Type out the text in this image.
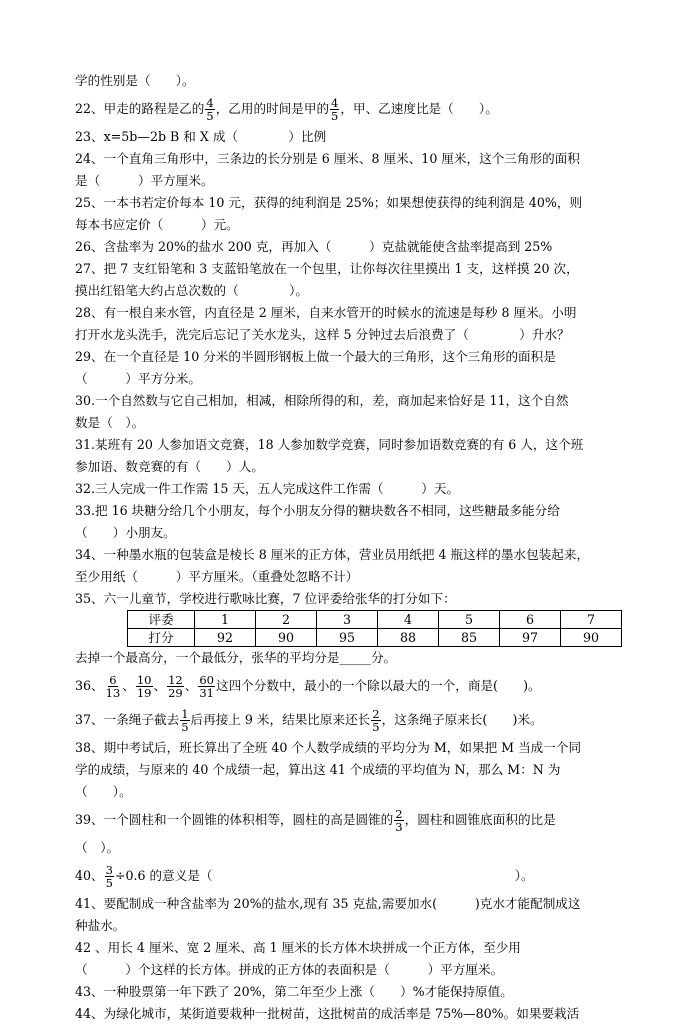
学的性别是（　　）。
22、甲走的路程是乙的 $\frac{4}{5}$ ，乙用的时间是甲的 $\frac{4}{5}$ ，甲、乙速度比是（　　）。
23、x=5b—2b B 和 X 成（　　　　）比例
24、一个直角三角形中，三条边的长分别是 6 厘米、8 厘米、10 厘米，这个三角形的面积
是（　　　）平方厘米。
25、一本书若定价每本 10 元，获得的纯利润是 25%；如果想使获得的纯利润是 40%，则
每本书应定价（　　　）元。
26、含盐率为 20%的盐水 200 克，再加入（　　　）克盐就能使含盐率提高到 25%
27、把 7 支红铅笔和 3 支蓝铅笔放在一个包里，让你每次往里摸出 1 支，这样摸 20 次，
摸出红铅笔大约占总次数的（　　　　）。
28、有一根自来水管，内直径是 2 厘米，自来水管开的时候水的流速是每秒 8 厘米。小明
打开水龙头洗手，洗完后忘记了关水龙头，这样 5 分钟过去后浪费了（　　　　）升水？
29、在一个直径是 10 分米的半圆形钢板上做一个最大的三角形，这个三角形的面积是
（　　　）平方分米。
30.一个自然数与它自己相加，相减，相除所得的和，差，商加起来恰好是 11，这个自然
数是（　）。
31.某班有 20 人参加语文竞赛，18 人参加数学竞赛，同时参加语数竞赛的有 6 人，这个班
参加语、数竞赛的有（　　）人。
32.三人完成一件工作需 15 天，五人完成这件工作需（　　　）天。
33.把 16 块糖分给几个小朋友，每个小朋友分得的糖块数各不相同，这些糖最多能分给
（　　）小朋友。
34、一种墨水瓶的包装盒是棱长 8 厘米的正方体，营业员用纸把 4 瓶这样的墨水包装起来，
至少用纸（　　　）平方厘米。（重叠处忽略不计）
35、六一儿童节，学校进行歌咏比赛，7 位评委给张华的打分如下：
评委	1	2	3	4	5	6	7
打分	92	90	95	88	85	97	90
去掉一个最高分，一个最低分，张华的平均分是_____分。
36、 $\frac{6}{13}$ 、 $\frac{10}{19}$ 、 $\frac{12}{29}$ 、 $\frac{60}{31}$ 这四个分数中，最小的一个除以最大的一个，商是(　　)。
37、一条绳子截去 $\frac{1}{5}$ 后再接上 9 米，结果比原来还长 $\frac{2}{5}$ ，这条绳子原来长(　　)米。
38、期中考试后，班长算出了全班 40 个人数学成绩的平均分为 M，如果把 M 当成一个同
学的成绩，与原来的 40 个成绩一起，算出这 41 个成绩的平均值为 N，那么 M：N 为
（　　）。
39、一个圆柱和一个圆锥的体积相等，圆柱的高是圆锥的 $\frac{2}{3}$ ，圆柱和圆锥底面积的比是
（　）。
40、 $\frac{3}{5} \div 0.6$ 的意义是（　　　　　　　　　　　　　　　　　　　　　　　　）。
41、要配制成一种含盐率为 20%的盐水,现有 35 克盐,需要加水(　　　)克水才能配制成这
种盐水。
42 、用长 4 厘米、宽 2 厘米、高 1 厘米的长方体木块拼成一个正方体，至少用
（　　　）个这样的长方体。拼成的正方体的表面积是（　　　）平方厘米。
43、一种股票第一年下跌了 20%，第二年至少上涨（　　）%才能保持原值。
44、为绿化城市，某街道要栽种一批树苗，这批树苗的成活率是 75%—80%。如果要栽活
